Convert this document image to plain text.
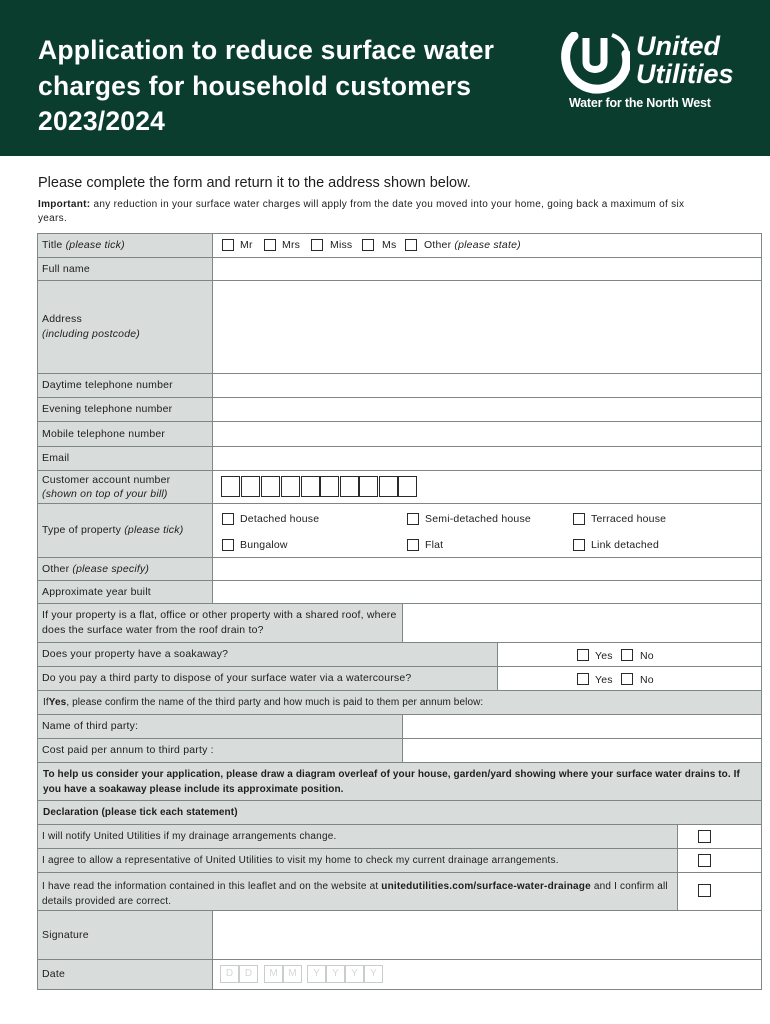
Application to reduce surface water charges for household customers 2023/2024
United
Utilities
Water for the North West
Please complete the form and return it to the address shown below.
Important: any reduction in your surface water charges will apply from the date you moved into your home, going back a maximum of six years.
Title
(please tick)	Mr	Mrs	Miss	Ms	Other (please state)
Full name
Address
(including postcode)
Daytime telephone number
Evening telephone number
Mobile telephone number
Email
Customer account number
(shown on top of your bill)
Type of property
(please tick)
Detached house	Semi-detached house	Terraced house
Bungalow	Flat	Link detached
Other
(please specify)
Approximate year built
If your property is a flat, office or other property with a shared roof, where does the surface water from the roof drain to?
Does your property have a soakaway?	Yes	No
Do you pay a third party to dispose of your surface water via a watercourse?	Yes	No
If Yes , please confirm the name of the third party and how much is paid to them per annum below:
Name of third party:
Cost paid per annum to third party :
To help us consider your application, please draw a diagram overleaf of your house, garden/yard showing where your surface water drains to. If you have a soakaway please include its approximate position.
Declaration (please tick each statement)
I will notify United Utilities if my drainage arrangements change.
I agree to allow a representative of United Utilities to visit my home to check my current drainage arrangements.
I have read the information contained in this leaflet and on the website at unitedutilities.com/surface-water-drainage and I confirm all details provided are correct.
Signature
Date	D	D	M	M	Y	Y	Y	Y
